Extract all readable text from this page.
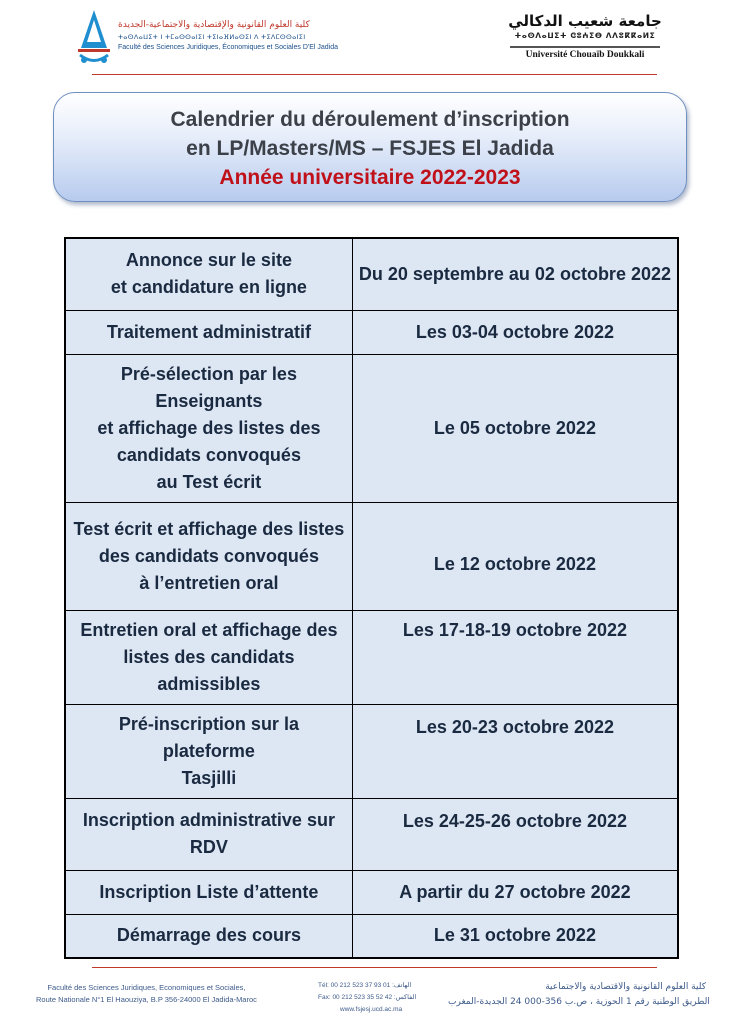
كلية العلوم القانونية والإقتصادية والاجتماعية-الجديدة
ⵜⴰⵙⴷⴰⵡⵉⵜ ⵏ ⵜⵎⴰⵙⵙⴰⵏⵉⵏ ⵜⵉⵏⴰⴼⵍⴰⵙⵉⵏ ⴷ ⵜⵉⴷⵎⵙⵙⴰⵏⵉⵏ
Faculté des Sciences Juridiques, Économiques et Sociales D'El Jadida
جامعة شعيب الدكالي
ⵜⴰⵙⴷⴰⵡⵉⵜ ⵛⵓⵄⵉⴱ ⴷⴷⵓⴽⴽⴰⵍⵉ
Université Chouaïb Doukkali
Calendrier du déroulement d’inscription
en LP/Masters/MS – FSJES El Jadida
Année universitaire 2022-2023
Annonce sur le site
et candidature en ligne	Du 20 septembre au 02 octobre 2022
Traitement administratif	Les 03-04 octobre 2022
Pré-sélection par les Enseignants
et affichage des listes des
candidats convoqués
au Test écrit	Le 05 octobre 2022
Test écrit et affichage des listes
des candidats convoqués
à l’entretien oral	Le 12 octobre 2022
Entretien oral et affichage des
listes des candidats admissibles	Les 17-18-19 octobre 2022
Pré-inscription sur la plateforme
Tasjilli	Les 20-23 octobre 2022
Inscription administrative sur
RDV	Les 24-25-26 octobre 2022
Inscription Liste d’attente	A partir du 27 octobre 2022
Démarrage des cours	Le 31 octobre 2022
Faculté des Sciences Juridiques, Economiques et Sociales,
Route Nationale N°1 El Haouziya, B.P 356-24000 El Jadida-Maroc
Tél: 00 212 523 37 93 01 :الهاتف
Fax: 00 212 523 35 52 42 :الفاكس
www.fsjesj.ucd.ac.ma
كلية العلوم القانونية والاقتصادية والاجتماعية
الطريق الوطنية رقم 1 الحوزية ، ص.ب 356-000 24 الجديدة-المغرب
